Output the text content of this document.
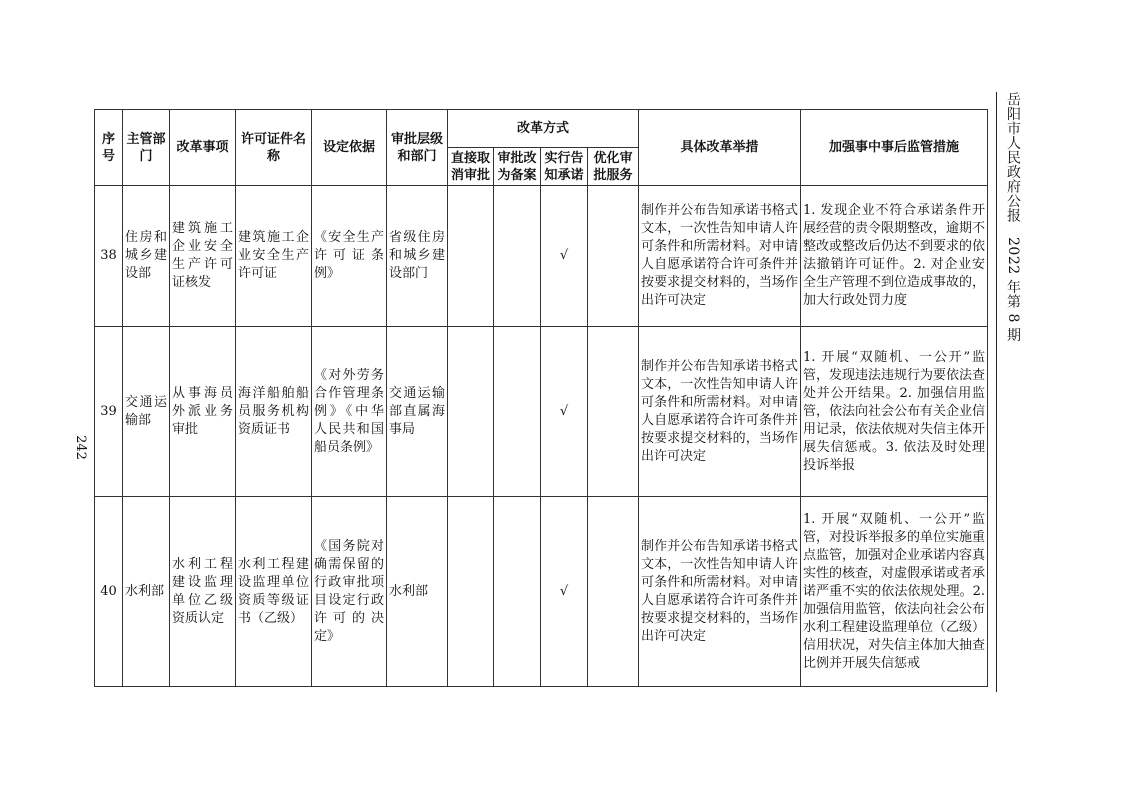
242
岳阳市人民政府公报　2022 年第 8 期
序号	主管部门	改革事项	许可证件名称	设定依据	审批层级和部门	改革方式				具体改革举措	加强事中事后监管措施
						直接取消审批	审批改为备案	实行告知承诺	优化审批服务		
38	住房和城乡建设部	建筑施工企业安全生产许可证核发	建筑施工企业安全生产许可证	《安全生产许可证条例》	省级住房和城乡建设部门			√		制作并公布告知承诺书格式文本，一次性告知申请人许可条件和所需材料。对申请人自愿承诺符合许可条件并按要求提交材料的，当场作出许可决定	1. 发现企业不符合承诺条件开展经营的责令限期整改，逾期不整改或整改后仍达不到要求的依法撤销许可证件。2. 对企业安全生产管理不到位造成事故的，加大行政处罚力度
39	交通运输部	从事海员外派业务审批	海洋船舶船员服务机构资质证书	《对外劳务合作管理条例》《中华人民共和国船员条例》	交通运输部直属海事局			√		制作并公布告知承诺书格式文本，一次性告知申请人许可条件和所需材料。对申请人自愿承诺符合许可条件并按要求提交材料的，当场作出许可决定	1. 开展“双随机、一公开”监管，发现违法违规行为要依法查处并公开结果。2. 加强信用监管，依法向社会公布有关企业信用记录，依法依规对失信主体开展失信惩戒。3. 依法及时处理投诉举报
40	水利部	水利工程建设监理单位乙级资质认定	水利工程建设监理单位资质等级证书（乙级）	《国务院对确需保留的行政审批项目设定行政许可的决定》	水利部			√		制作并公布告知承诺书格式文本，一次性告知申请人许可条件和所需材料。对申请人自愿承诺符合许可条件并按要求提交材料的，当场作出许可决定	1. 开展“双随机、一公开”监管，对投诉举报多的单位实施重点监管，加强对企业承诺内容真实性的核查，对虚假承诺或者承诺严重不实的依法依规处理。2. 加强信用监管，依法向社会公布水利工程建设监理单位（乙级）信用状况，对失信主体加大抽查比例并开展失信惩戒
